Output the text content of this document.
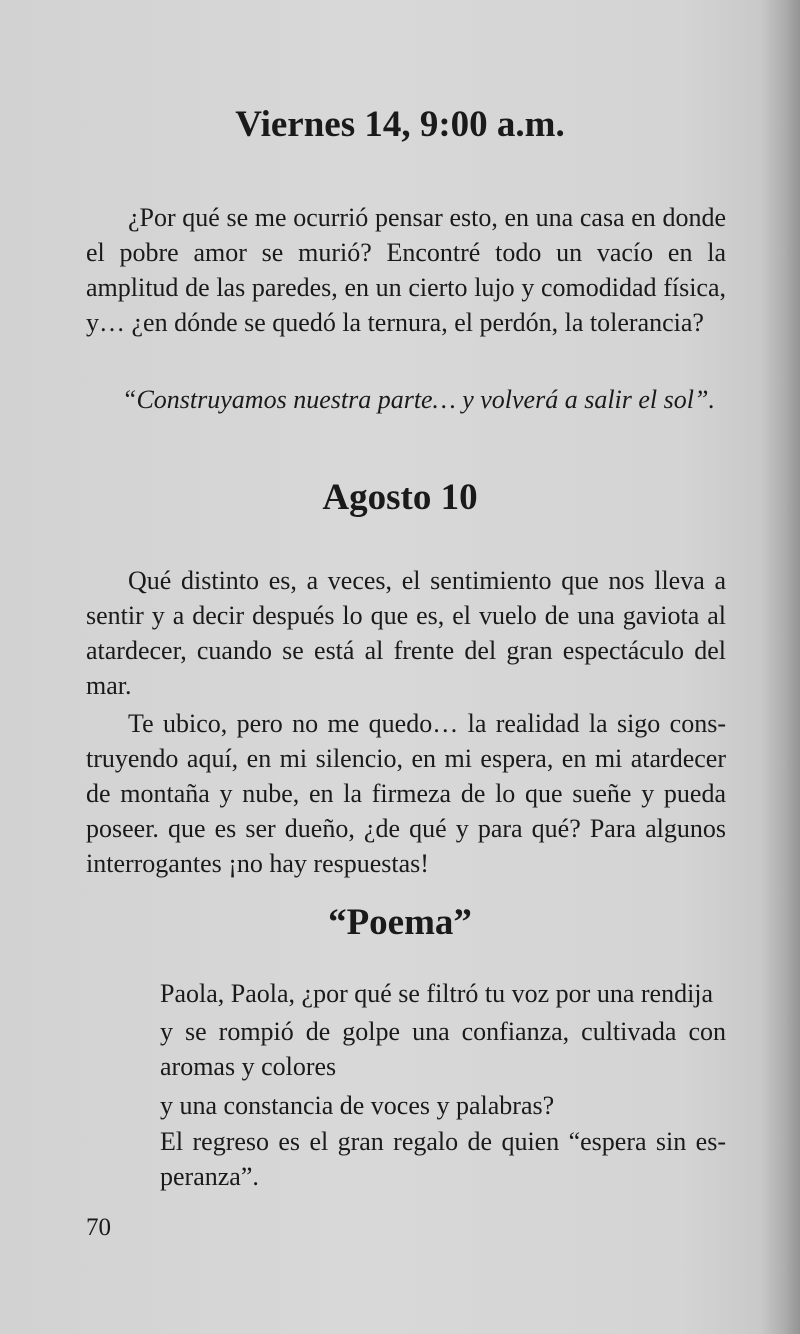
Viernes 14, 9:00 a.m.

¿Por qué se me ocurrió pensar esto, en una casa en donde el pobre amor se murió? Encontré todo un vacío en la amplitud de las paredes, en un cierto lujo y comodidad física, y… ¿en dónde se quedó la ternura, el perdón, la tolerancia?

“Construyamos nuestra parte… y volverá a salir el sol”.

Agosto 10

Qué distinto es, a veces, el sentimiento que nos lleva a sentir y a decir después lo que es, el vuelo de una gaviota al atardecer, cuando se está al frente del gran espectáculo del mar.

Te ubico, pero no me quedo… la realidad la sigo construyendo aquí, en mi silencio, en mi espera, en mi atardecer de montaña y nube, en la firmeza de lo que sueñe y pueda poseer. que es ser dueño, ¿de qué y para qué? Para algunos interrogantes ¡no hay respuestas!

“Poema”

Paola, Paola, ¿por qué se filtró tu voz por una rendija

y se rompió de golpe una confianza, cultivada con aromas y colores

y una constancia de voces y palabras?

El regreso es el gran regalo de quien “espera sin esperanza”.

70
